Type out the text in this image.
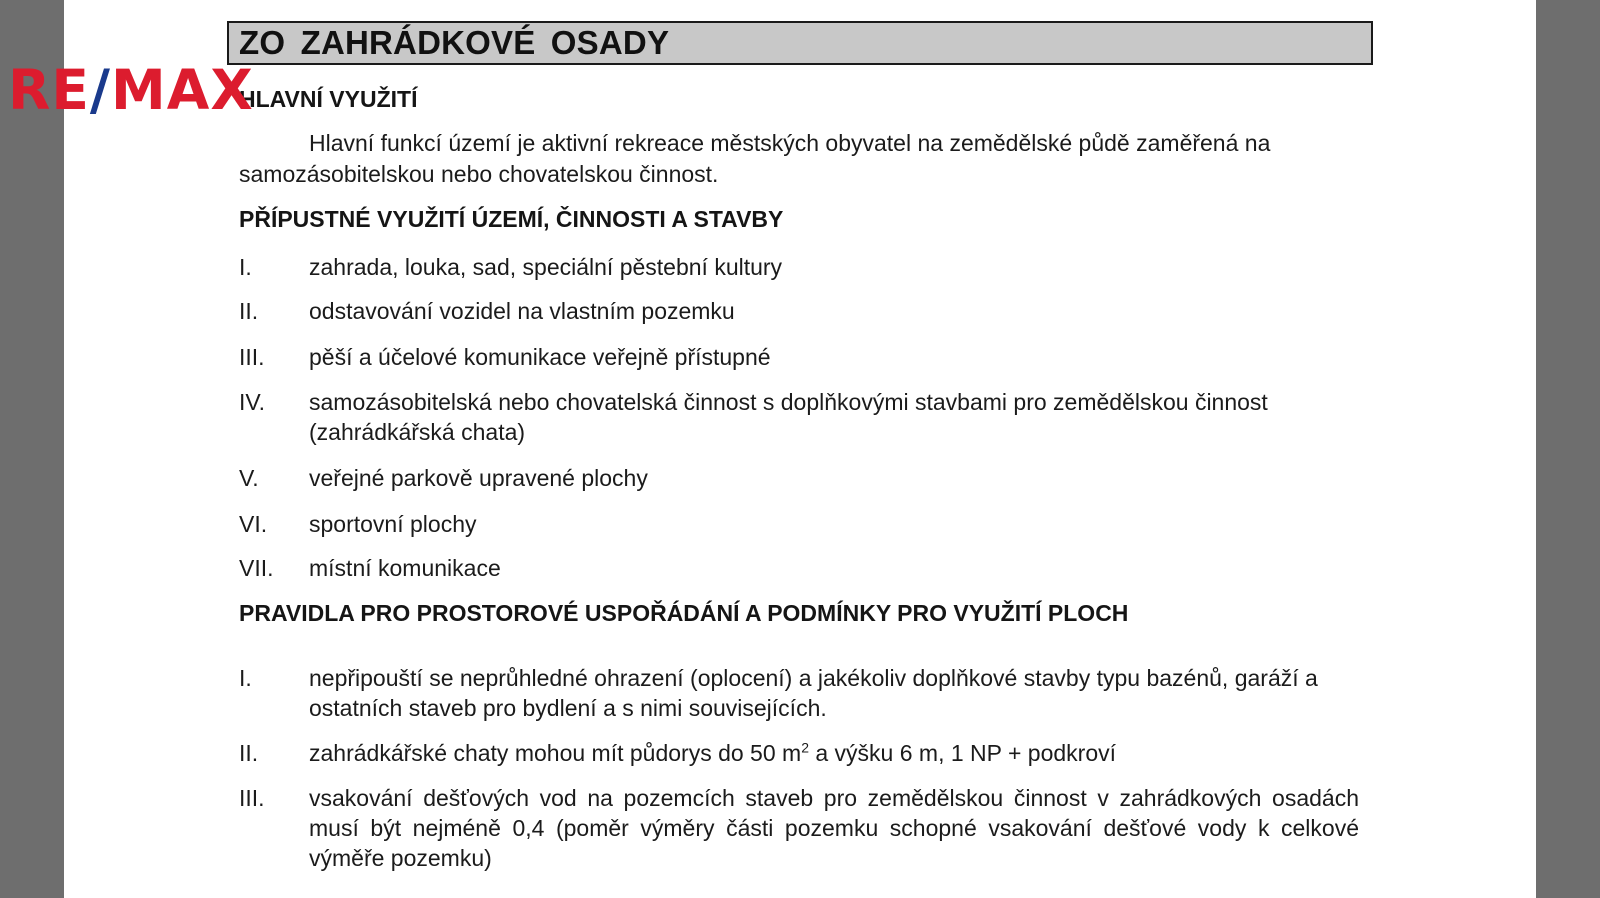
ZO ZAHRÁDKOVÉ OSADY
HLAVNÍ VYUŽITÍ
Hlavní funkcí území je aktivní rekreace městských obyvatel na zemědělské půdě zaměřená na samozásobitelskou nebo chovatelskou činnost.
PŘÍPUSTNÉ VYUŽITÍ ÚZEMÍ, ČINNOSTI A STAVBY
I.	zahrada, louka, sad, speciální pěstební kultury
II.	odstavování vozidel na vlastním pozemku
III.	pěší a účelové komunikace veřejně přístupné
IV.	samozásobitelská nebo chovatelská činnost s doplňkovými stavbami pro zemědělskou činnost (zahrádkářská chata)
V.	veřejné parkově upravené plochy
VI.	sportovní plochy
VII.	místní komunikace
PRAVIDLA PRO PROSTOROVÉ USPOŘÁDÁNÍ A PODMÍNKY PRO VYUŽITÍ PLOCH
I.	nepřipouští se neprůhledné ohrazení (oplocení) a jakékoliv doplňkové stavby typu bazénů, garáží a ostatních staveb pro bydlení a s nimi souvisejících.
II.	zahrádkářské chaty mohou mít půdorys do 50 $m^2$ a výšku 6 m, 1 NP + podkroví
III.	vsakování dešťových vod na pozemcích staveb pro zemědělskou činnost v zahrádkových osadách musí být nejméně 0,4 (poměr výměry části pozemku schopné vsakování dešťové vody k celkové výměře pozemku)
RE/MAX
